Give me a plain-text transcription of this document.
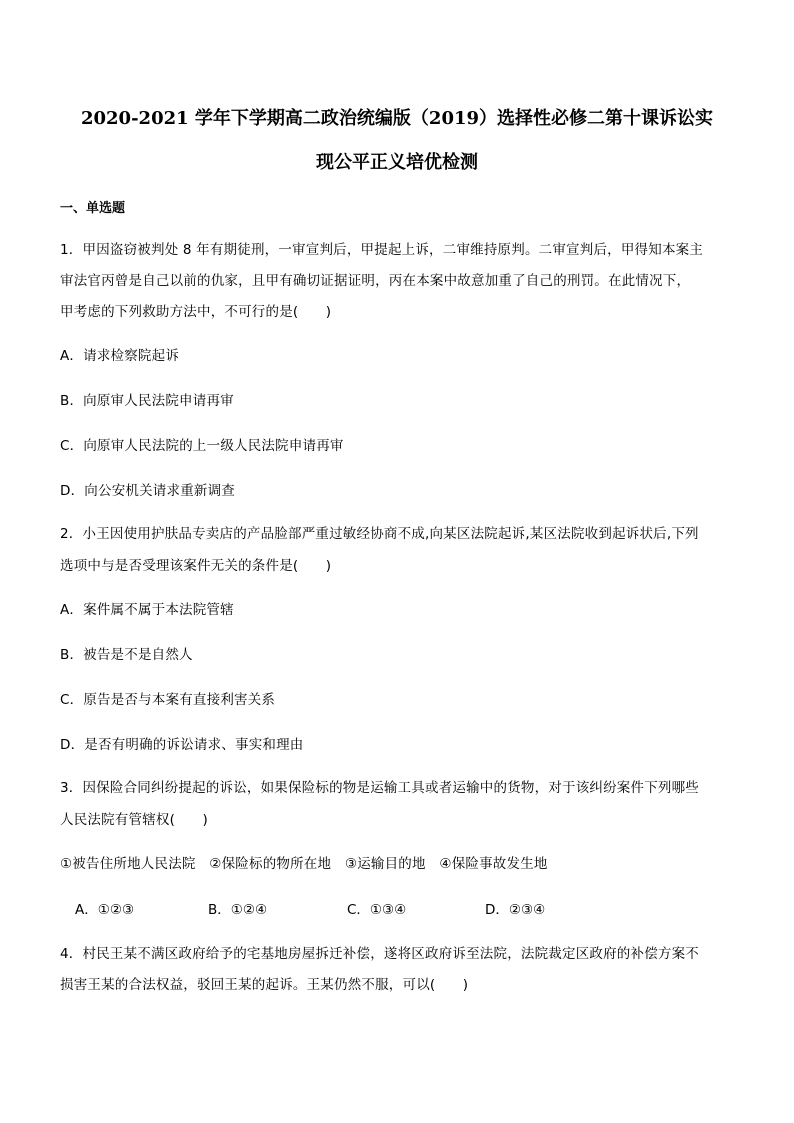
2020-2021 学年下学期高二政治统编版（2019）选择性必修二第十课诉讼实
现公平正义培优检测
一、单选题
1．甲因盗窃被判处 8 年有期徒刑，一审宣判后，甲提起上诉，二审维持原判。二审宣判后，甲得知本案主
审法官丙曾是自己以前的仇家，且甲有确切证据证明，丙在本案中故意加重了自己的刑罚。在此情况下，
甲考虑的下列救助方法中，不可行的是(　　)
A．请求检察院起诉
B．向原审人民法院申请再审
C．向原审人民法院的上一级人民法院申请再审
D．向公安机关请求重新调查
2．小王因使用护肤品专卖店的产品脸部严重过敏经协商不成,向某区法院起诉,某区法院收到起诉状后,下列
选项中与是否受理该案件无关的条件是(　　)
A．案件属不属于本法院管辖
B．被告是不是自然人
C．原告是否与本案有直接利害关系
D．是否有明确的诉讼请求、事实和理由
3．因保险合同纠纷提起的诉讼，如果保险标的物是运输工具或者运输中的货物，对于该纠纷案件下列哪些
人民法院有管辖权(　　)
①被告住所地人民法院　②保险标的物所在地　③运输目的地　④保险事故发生地
A．①②③	B．①②④	C．①③④	D．②③④
4．村民王某不满区政府给予的宅基地房屋拆迁补偿，遂将区政府诉至法院，法院裁定区政府的补偿方案不
损害王某的合法权益，驳回王某的起诉。王某仍然不服，可以(　　)
